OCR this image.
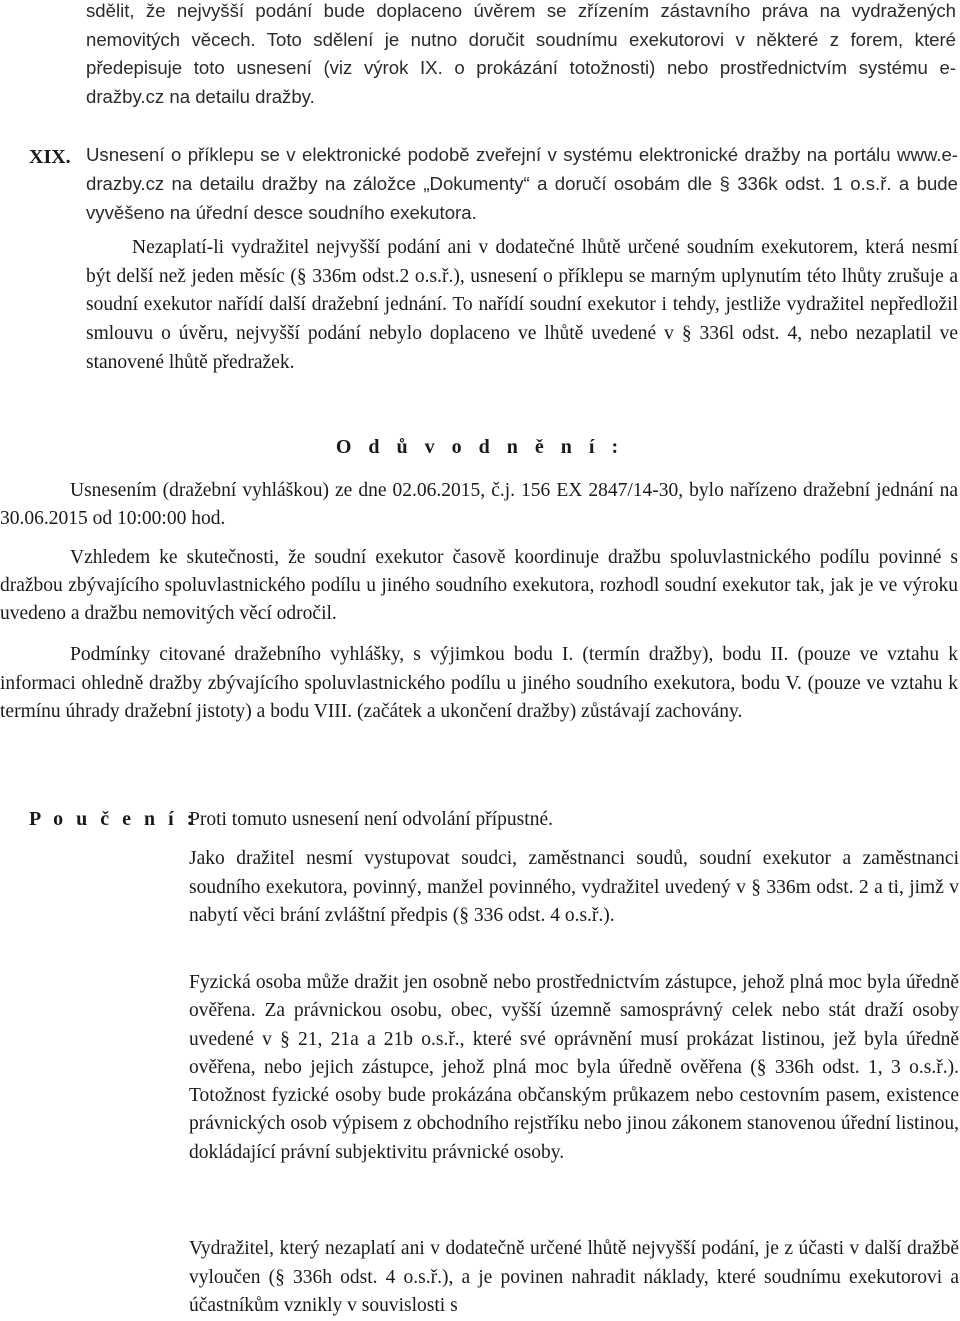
sdělit, že nejvyšší podání bude doplaceno úvěrem se zřízením zástavního práva na vydražených nemovitých věcech. Toto sdělení je nutno doručit soudnímu exekutorovi v některé z forem, které předepisuje toto usnesení (viz výrok IX. o prokázání totožnosti) nebo prostřednictvím systému e-dražby.cz na detailu dražby.

XIX. Usnesení o příklepu se v elektronické podobě zveřejní v systému elektronické dražby na portálu www.e-drazby.cz na detailu dražby na záložce „Dokumenty“ a doručí osobám dle § 336k odst. 1 o.s.ř. a bude vyvěšeno na úřední desce soudního exekutora.

Nezaplatí-li vydražitel nejvyšší podání ani v dodatečné lhůtě určené soudním exekutorem, která nesmí být delší než jeden měsíc (§ 336m odst.2 o.s.ř.), usnesení o příklepu se marným uplynutím této lhůty zrušuje a soudní exekutor nařídí další dražební jednání. To nařídí soudní exekutor i tehdy, jestliže vydražitel nepředložil smlouvu o úvěru, nejvyšší podání nebylo doplaceno ve lhůtě uvedené v § 336l odst. 4, nebo nezaplatil ve stanovené lhůtě předražek.

O d ů v o d n ě n í :

Usnesením (dražební vyhláškou) ze dne 02.06.2015, č.j. 156 EX 2847/14-30, bylo nařízeno dražební jednání na 30.06.2015 od 10:00:00 hod.

Vzhledem ke skutečnosti, že soudní exekutor časově koordinuje dražbu spoluvlastnického podílu povinné s dražbou zbývajícího spoluvlastnického podílu u jiného soudního exekutora, rozhodl soudní exekutor tak, jak je ve výroku uvedeno a dražbu nemovitých věcí odročil.

Podmínky citované dražebního vyhlášky, s výjimkou bodu I. (termín dražby), bodu II. (pouze ve vztahu k informaci ohledně dražby zbývajícího spoluvlastnického podílu u jiného soudního exekutora, bodu V. (pouze ve vztahu k termínu úhrady dražební jistoty) a bodu VIII. (začátek a ukončení dražby) zůstávají zachovány.

P o u č e n í :

Proti tomuto usnesení není odvolání přípustné.

Jako dražitel nesmí vystupovat soudci, zaměstnanci soudů, soudní exekutor a zaměstnanci soudního exekutora, povinný, manžel povinného, vydražitel uvedený v § 336m odst. 2 a ti, jimž v nabytí věci brání zvláštní předpis (§ 336 odst. 4 o.s.ř.).

Fyzická osoba může dražit jen osobně nebo prostřednictvím zástupce, jehož plná moc byla úředně ověřena. Za právnickou osobu, obec, vyšší územně samosprávný celek nebo stát draží osoby uvedené v § 21, 21a a 21b o.s.ř., které své oprávnění musí prokázat listinou, jež byla úředně ověřena, nebo jejich zástupce, jehož plná moc byla úředně ověřena (§ 336h odst. 1, 3 o.s.ř.). Totožnost fyzické osoby bude prokázána občanským průkazem nebo cestovním pasem, existence právnických osob výpisem z obchodního rejstříku nebo jinou zákonem stanovenou úřední listinou, dokládající právní subjektivitu právnické osoby.

Vydražitel, který nezaplatí ani v dodatečně určené lhůtě nejvyšší podání, je z účasti v další dražbě vyloučen (§ 336h odst. 4 o.s.ř.), a je povinen nahradit náklady, které soudnímu exekutorovi a účastníkům vznikly v souvislosti s
